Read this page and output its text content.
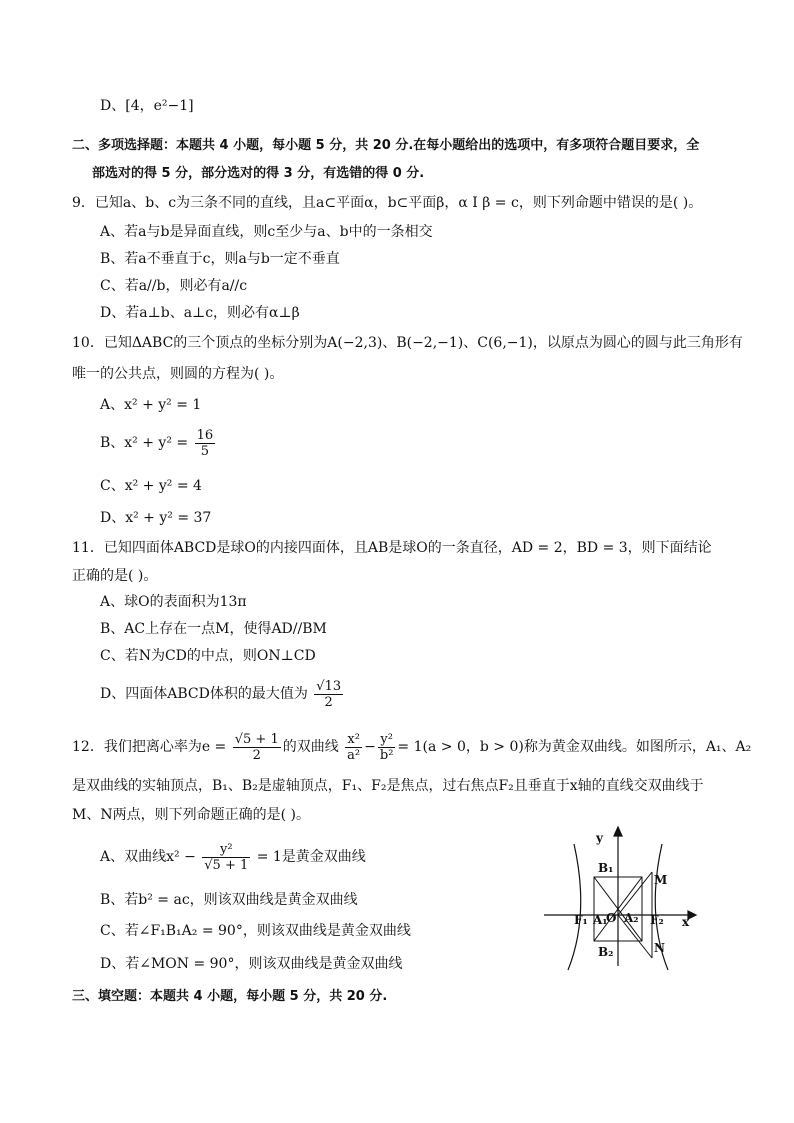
D、[4，e²−1]
二、多项选择题：本题共 4 小题，每小题 5 分，共 20 分.在每小题给出的选项中，有多项符合题目要求，全
部选对的得 5 分，部分选对的得 3 分，有选错的得 0 分.
9．已知a、b、c为三条不同的直线，且a⊂平面α，b⊂平面β，α I β = c，则下列命题中错误的是( )。
A、若a与b是异面直线，则c至少与a、b中的一条相交
B、若a不垂直于c，则a与b一定不垂直
C、若a//b，则必有a//c
D、若a⊥b、a⊥c，则必有α⊥β
10．已知ΔABC的三个顶点的坐标分别为A(−2,3)、B(−2,−1)、C(6,−1)，以原点为圆心的圆与此三角形有
唯一的公共点，则圆的方程为( )。
A、x² + y² = 1
B、$x^2 + y^2 = \frac{16}{5}$
C、x² + y² = 4
D、x² + y² = 37
11．已知四面体ABCD是球O的内接四面体，且AB是球O的一条直径，AD = 2，BD = 3，则下面结论
正确的是( )。
A、球O的表面积为13π
B、AC上存在一点M，使得AD//BM
C、若N为CD的中点，则ON⊥CD
D、四面体ABCD体积的最大值为 $\frac{√13}{2}$
12．我们把离心率为$e = \frac{√5 + 1}{2}$ 的双曲线 $\frac{\text{x²}}{\text{a²}} - \frac{\text{y²}}{\text{b²}} = 1(a > 0$，b > 0)称为黄金双曲线。如图所示，A₁、A₂
是双曲线的实轴顶点，B₁、B₂是虚轴顶点，F₁、F₂是焦点，过右焦点F₂且垂直于x轴的直线交双曲线于
M、N两点，则下列命题正确的是( )。
A、双曲线$x^2 - \frac{\text{y²}}{√5 + 1} = 1$是黄金双曲线
B、若b² = ac，则该双曲线是黄金双曲线
C、若∠F₁B₁A₂ = 90°，则该双曲线是黄金双曲线
D、若∠MON = 90°，则该双曲线是黄金双曲线
y
x
B₁
B₂
M
N
F₁ A₁
O A₂ F₂
三、填空题：本题共 4 小题，每小题 5 分，共 20 分.
